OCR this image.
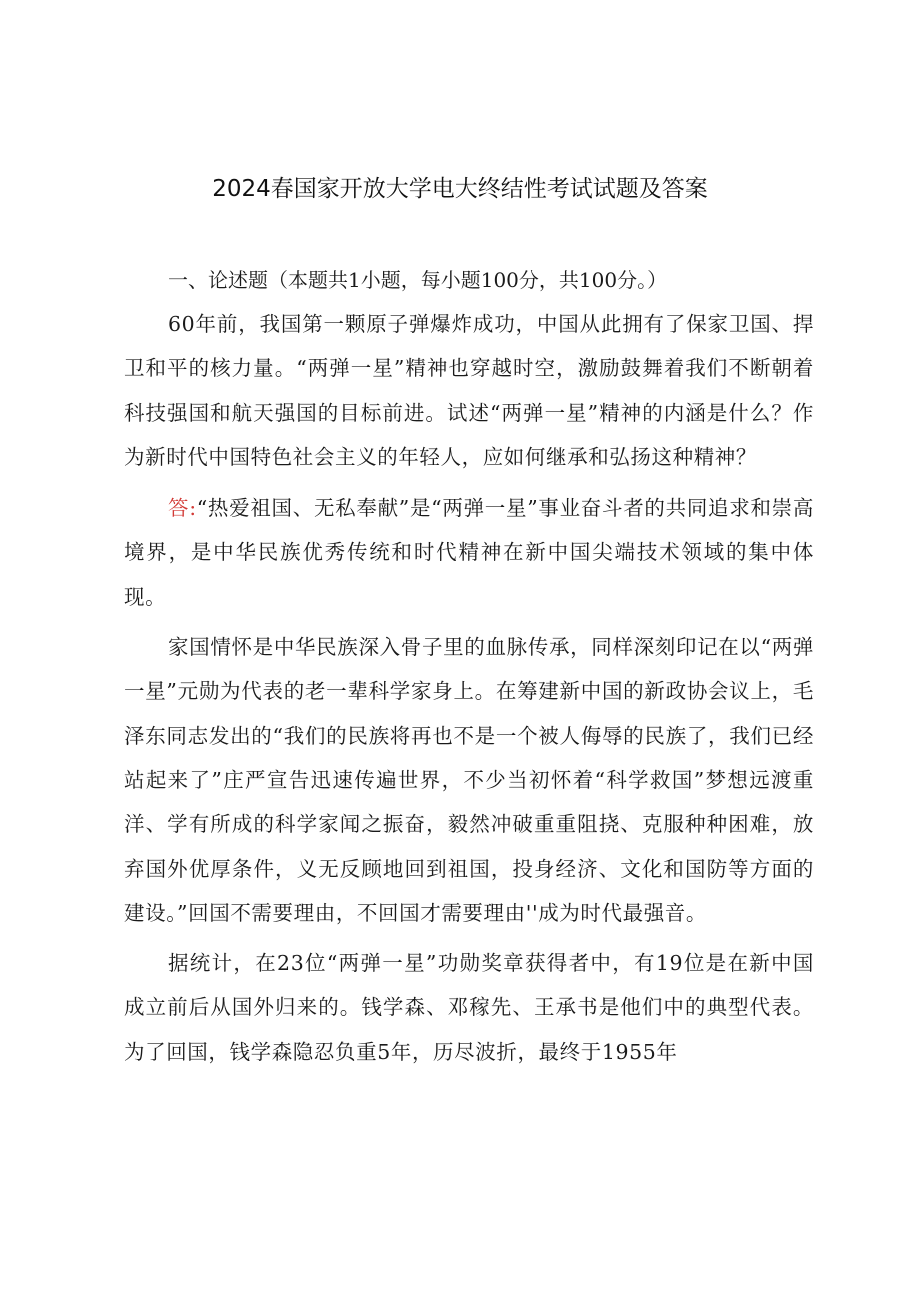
2024春国家开放大学电大终结性考试试题及答案

一、论述题（本题共1小题，每小题100分，共100分。）

60年前，我国第一颗原子弹爆炸成功，中国从此拥有了保家卫国、捍卫和平的核力量。“两弹一星”精神也穿越时空，激励鼓舞着我们不断朝着科技强国和航天强国的目标前进。试述“两弹一星”精神的内涵是什么？作为新时代中国特色社会主义的年轻人，应如何继承和弘扬这种精神？

答:“热爱祖国、无私奉献”是“两弹一星”事业奋斗者的共同追求和崇高境界，是中华民族优秀传统和时代精神在新中国尖端技术领域的集中体现。

家国情怀是中华民族深入骨子里的血脉传承，同样深刻印记在以“两弹一星”元勋为代表的老一辈科学家身上。在筹建新中国的新政协会议上，毛泽东同志发出的“我们的民族将再也不是一个被人侮辱的民族了，我们已经站起来了”庄严宣告迅速传遍世界，不少当初怀着“科学救国”梦想远渡重洋、学有所成的科学家闻之振奋，毅然冲破重重阻挠、克服种种困难，放弃国外优厚条件，义无反顾地回到祖国，投身经济、文化和国防等方面的建设。”回国不需要理由，不回国才需要理由''成为时代最强音。

据统计，在23位“两弹一星”功勋奖章获得者中，有19位是在新中国成立前后从国外归来的。钱学森、邓稼先、王承书是他们中的典型代表。为了回国，钱学森隐忍负重5年，历尽波折，最终于1955年
